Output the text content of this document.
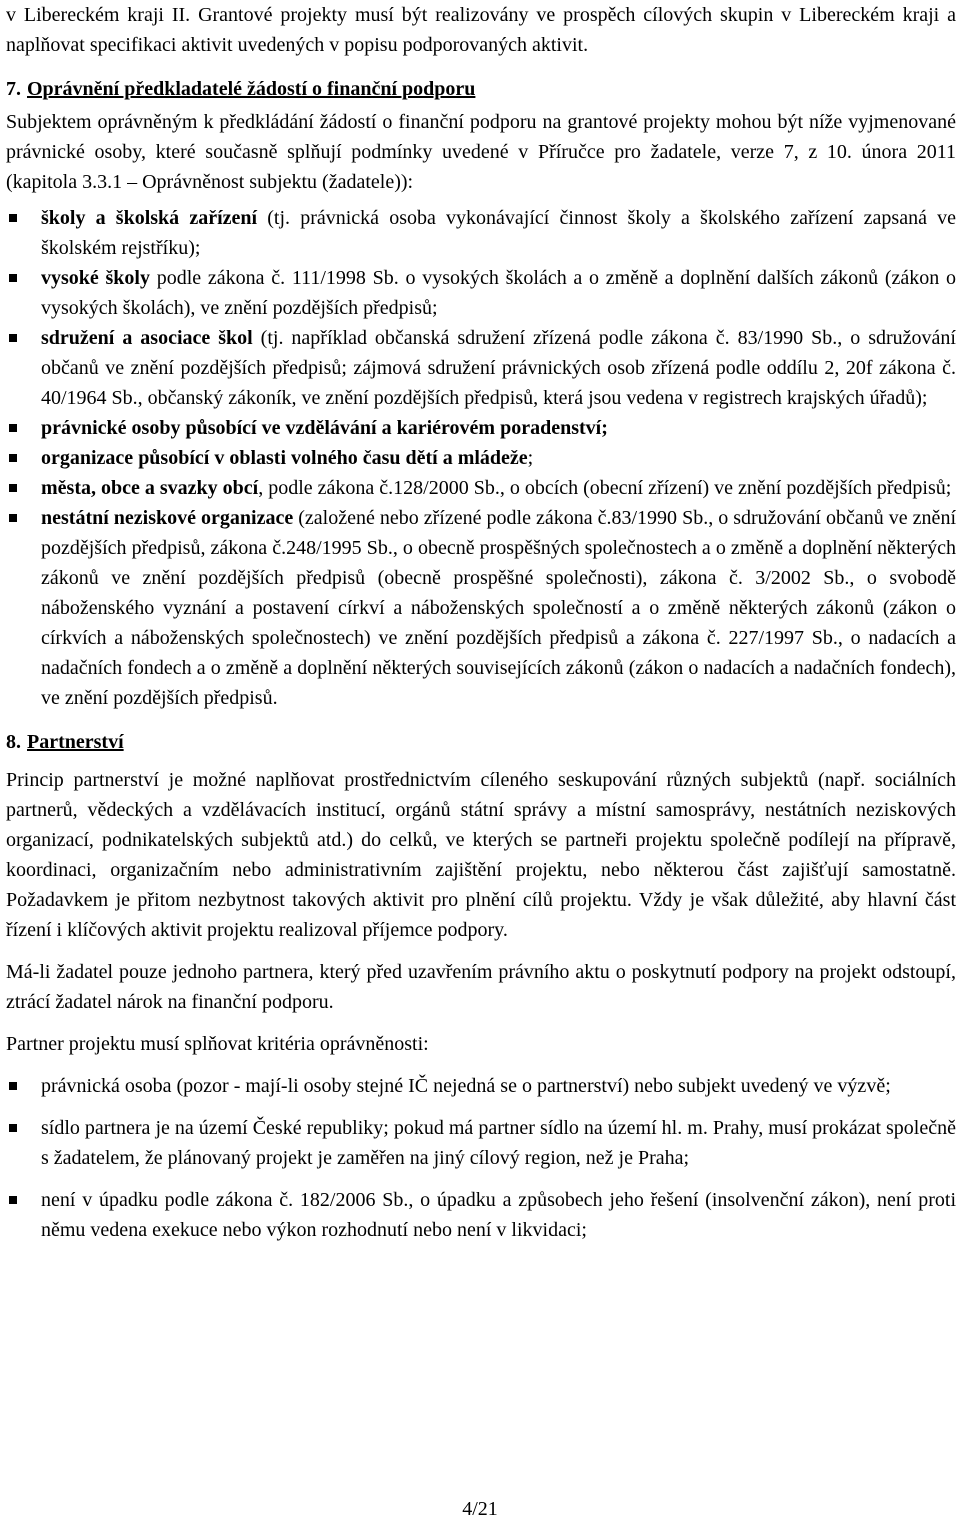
v Libereckém kraji II. Grantové projekty musí být realizovány ve prospěch cílových skupin v Libereckém kraji a naplňovat specifikaci aktivit uvedených v popisu podporovaných aktivit.

7. Oprávnění předkladatelé žádostí o finanční podporu

Subjektem oprávněným k předkládání žádostí o finanční podporu na grantové projekty mohou být níže vyjmenované právnické osoby, které současně splňují podmínky uvedené v Příručce pro žadatele, verze 7, z 10. února 2011 (kapitola 3.3.1 – Oprávněnost subjektu (žadatele)):

školy a školská zařízení (tj. právnická osoba vykonávající činnost školy a školského zařízení zapsaná ve školském rejstříku);
vysoké školy podle zákona č. 111/1998 Sb. o vysokých školách a o změně a doplnění dalších zákonů (zákon o vysokých školách), ve znění pozdějších předpisů;
sdružení a asociace škol (tj. například občanská sdružení zřízená podle zákona č. 83/1990 Sb., o sdružování občanů ve znění pozdějších předpisů; zájmová sdružení právnických osob zřízená podle oddílu 2, 20f zákona č. 40/1964 Sb., občanský zákoník, ve znění pozdějších předpisů, která jsou vedena v registrech krajských úřadů);
právnické osoby působící ve vzdělávání a kariérovém poradenství;
organizace působící v oblasti volného času dětí a mládeže;
města, obce a svazky obcí, podle zákona č.128/2000 Sb., o obcích (obecní zřízení) ve znění pozdějších předpisů;
nestátní neziskové organizace (založené nebo zřízené podle zákona č.83/1990 Sb., o sdružování občanů ve znění pozdějších předpisů, zákona č.248/1995 Sb., o obecně prospěšných společnostech a o změně a doplnění některých zákonů ve znění pozdějších předpisů (obecně prospěšné společnosti), zákona č. 3/2002 Sb., o svobodě náboženského vyznání a postavení církví a náboženských společností a o změně některých zákonů (zákon o církvích a náboženských společnostech) ve znění pozdějších předpisů a zákona č. 227/1997 Sb., o nadacích a nadačních fondech a o změně a doplnění některých souvisejících zákonů (zákon o nadacích a nadačních fondech), ve znění pozdějších předpisů.
8. Partnerství

Princip partnerství je možné naplňovat prostřednictvím cíleného seskupování různých subjektů (např. sociálních partnerů, vědeckých a vzdělávacích institucí, orgánů státní správy a místní samosprávy, nestátních neziskových organizací, podnikatelských subjektů atd.) do celků, ve kterých se partneři projektu společně podílejí na přípravě, koordinaci, organizačním nebo administrativním zajištění projektu, nebo některou část zajišťují samostatně. Požadavkem je přitom nezbytnost takových aktivit pro plnění cílů projektu. Vždy je však důležité, aby hlavní část řízení i klíčových aktivit projektu realizoval příjemce podpory.

Má-li žadatel pouze jednoho partnera, který před uzavřením právního aktu o poskytnutí podpory na projekt odstoupí, ztrácí žadatel nárok na finanční podporu.

Partner projektu musí splňovat kritéria oprávněnosti:

právnická osoba (pozor - mají-li osoby stejné IČ nejedná se o partnerství) nebo subjekt uvedený ve výzvě;
sídlo partnera je na území České republiky; pokud má partner sídlo na území hl. m. Prahy, musí prokázat společně s žadatelem, že plánovaný projekt je zaměřen na jiný cílový region, než je Praha;
není v úpadku podle zákona č. 182/2006 Sb., o úpadku a způsobech jeho řešení (insolvenční zákon), není proti němu vedena exekuce nebo výkon rozhodnutí nebo není v likvidaci;
4/21
